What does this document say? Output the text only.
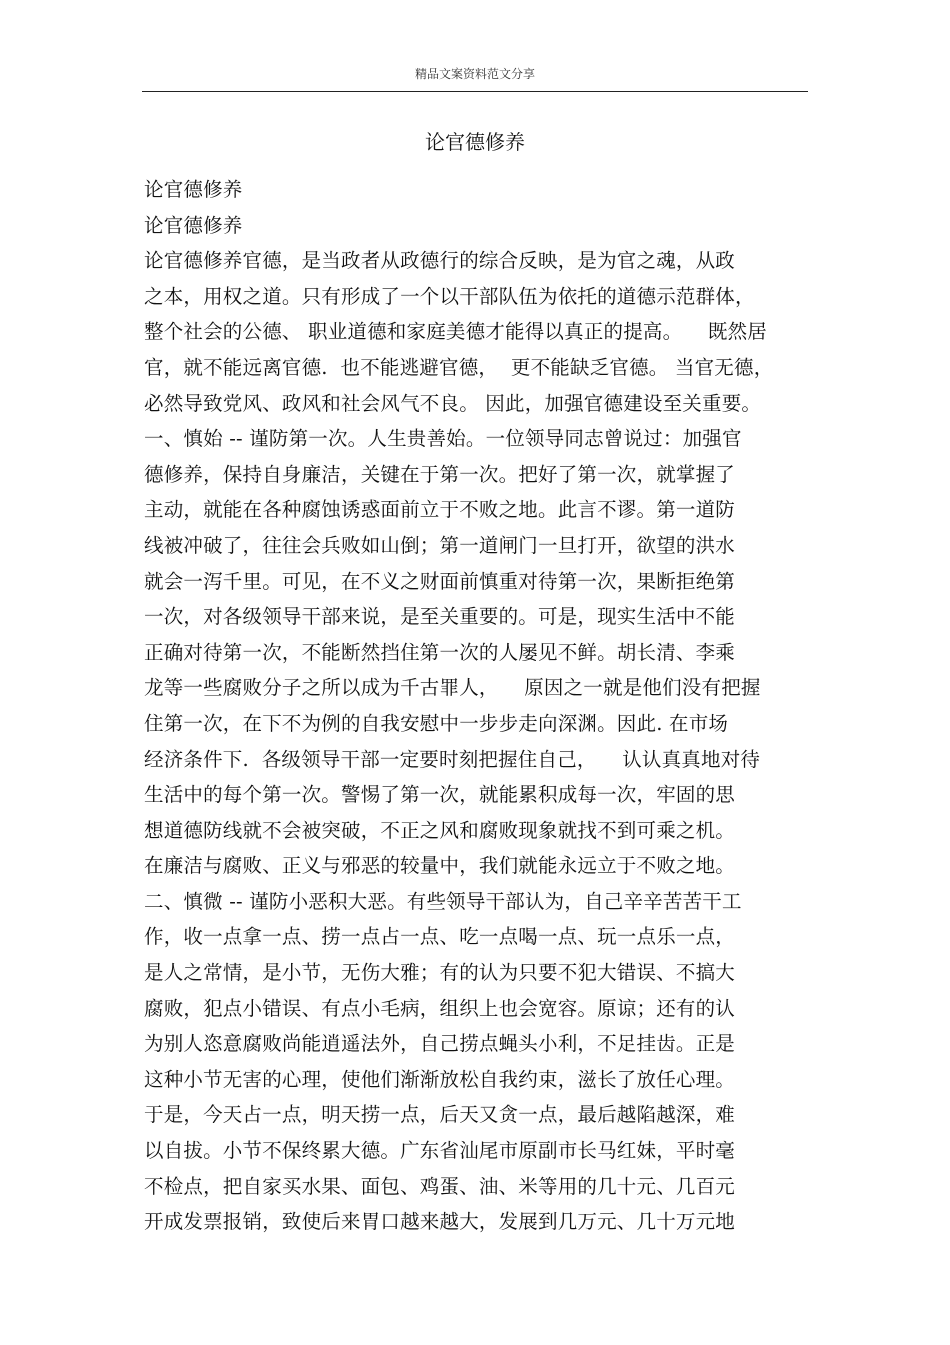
精品文案资料范文分享
论官德修养
论官德修养
论官德修养
论官德修养官德，是当政者从政德行的综合反映，是为官之魂，从政
之本，用权之道。只有形成了一个以干部队伍为依托的道德示范群体，
整个社会的公德、 职业道德和家庭美德才能得以真正的提高。    既然居
官，就不能远离官德.  也不能逃避官德，  更不能缺乏官德。 当官无德，
必然导致党风、政风和社会风气不良。 因此，加强官德建设至关重要。
一、慎始 -- 谨防第一次。人生贵善始。一位领导同志曾说过：加强官
德修养，保持自身廉洁，关键在于第一次。把好了第一次，就掌握了
主动，就能在各种腐蚀诱惑面前立于不败之地。此言不谬。第一道防
线被冲破了，往往会兵败如山倒；第一道闸门一旦打开，欲望的洪水
就会一泻千里。可见，在不义之财面前慎重对待第一次，果断拒绝第
一次，对各级领导干部来说，是至关重要的。可是，现实生活中不能
正确对待第一次，不能断然挡住第一次的人屡见不鲜。胡长清、李乘
龙等一些腐败分子之所以成为千古罪人，    原因之一就是他们没有把握
住第一次，在下不为例的自我安慰中一步步走向深渊。因此. 在市场
经济条件下.  各级领导干部一定要时刻把握住自己，    认认真真地对待
生活中的每个第一次。警惕了第一次，就能累积成每一次，牢固的思
想道德防线就不会被突破，不正之风和腐败现象就找不到可乘之机。
在廉洁与腐败、正义与邪恶的较量中，我们就能永远立于不败之地。
二、慎微 -- 谨防小恶积大恶。有些领导干部认为，自己辛辛苦苦干工
作，收一点拿一点、捞一点占一点、吃一点喝一点、玩一点乐一点，
是人之常情，是小节，无伤大雅；有的认为只要不犯大错误、不搞大
腐败，犯点小错误、有点小毛病，组织上也会宽容。原谅；还有的认
为别人恣意腐败尚能逍遥法外，自己捞点蝇头小利，不足挂齿。正是
这种小节无害的心理，使他们渐渐放松自我约束，滋长了放任心理。
于是，今天占一点，明天捞一点，后天又贪一点，最后越陷越深，难
以自拔。小节不保终累大德。广东省汕尾市原副市长马红妹，平时毫
不检点，把自家买水果、面包、鸡蛋、油、米等用的几十元、几百元
开成发票报销，致使后来胃口越来越大，发展到几万元、几十万元地
